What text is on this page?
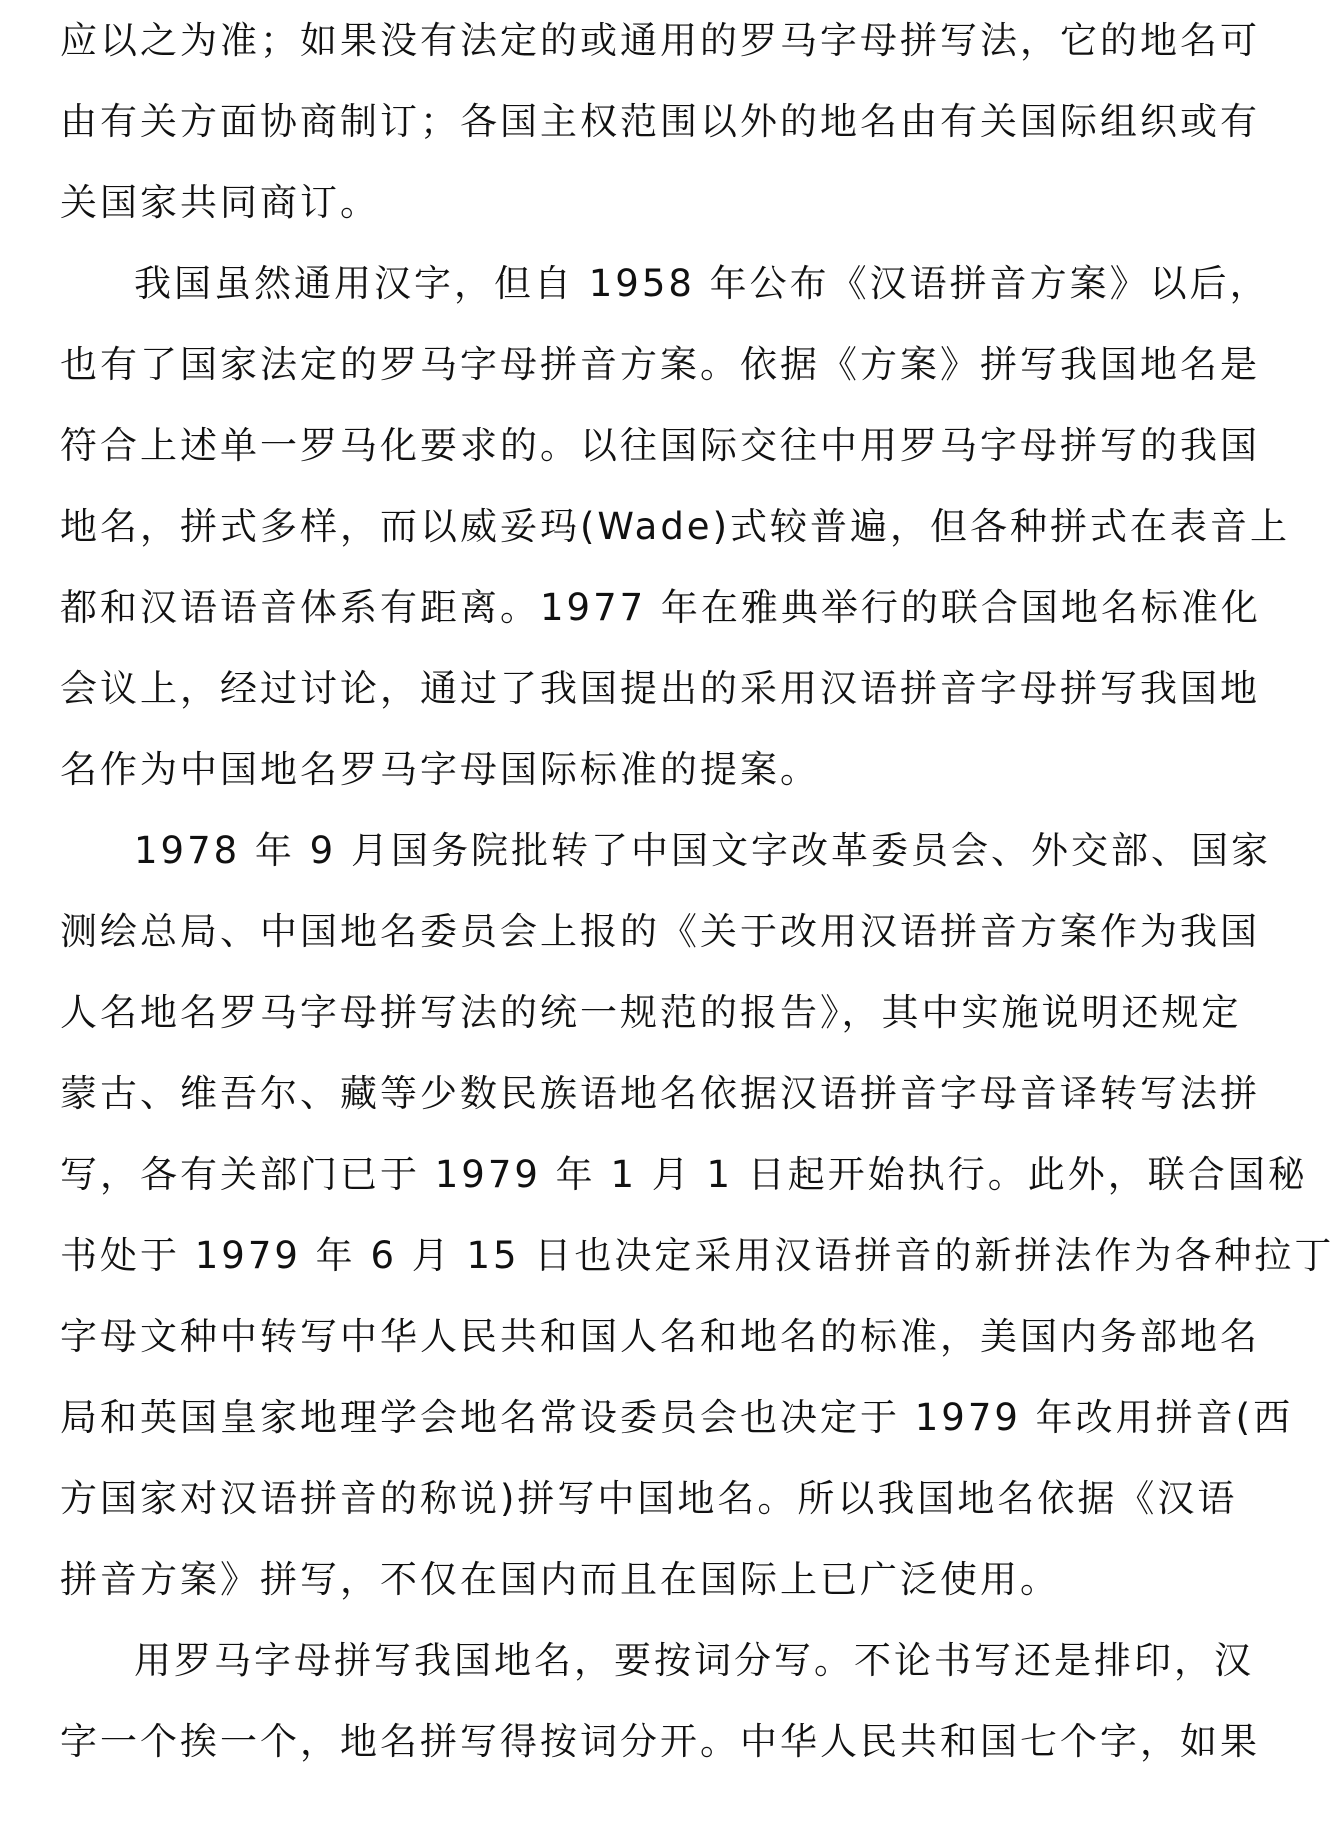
应以之为准；如果没有法定的或通用的罗马字母拼写法，它的地名可
由有关方面协商制订；各国主权范围以外的地名由有关国际组织或有
关国家共同商订。
我国虽然通用汉字，但自 1958 年公布《汉语拼音方案》以后，
也有了国家法定的罗马字母拼音方案。依据《方案》拼写我国地名是
符合上述单一罗马化要求的。以往国际交往中用罗马字母拼写的我国
地名，拼式多样，而以威妥玛(Wade)式较普遍，但各种拼式在表音上
都和汉语语音体系有距离。1977 年在雅典举行的联合国地名标准化
会议上，经过讨论，通过了我国提出的采用汉语拼音字母拼写我国地
名作为中国地名罗马字母国际标准的提案。
1978 年 9 月国务院批转了中国文字改革委员会、外交部、国家
测绘总局、中国地名委员会上报的《关于改用汉语拼音方案作为我国
人名地名罗马字母拼写法的统一规范的报告》，其中实施说明还规定
蒙古、维吾尔、藏等少数民族语地名依据汉语拼音字母音译转写法拼
写，各有关部门已于 1979 年 1 月 1 日起开始执行。此外，联合国秘
书处于 1979 年 6 月 15 日也决定采用汉语拼音的新拼法作为各种拉丁
字母文种中转写中华人民共和国人名和地名的标准，美国内务部地名
局和英国皇家地理学会地名常设委员会也决定于 1979 年改用拼音(西
方国家对汉语拼音的称说)拼写中国地名。所以我国地名依据《汉语
拼音方案》拼写，不仅在国内而且在国际上已广泛使用。
用罗马字母拼写我国地名，要按词分写。不论书写还是排印，汉
字一个挨一个，地名拼写得按词分开。中华人民共和国七个字，如果
